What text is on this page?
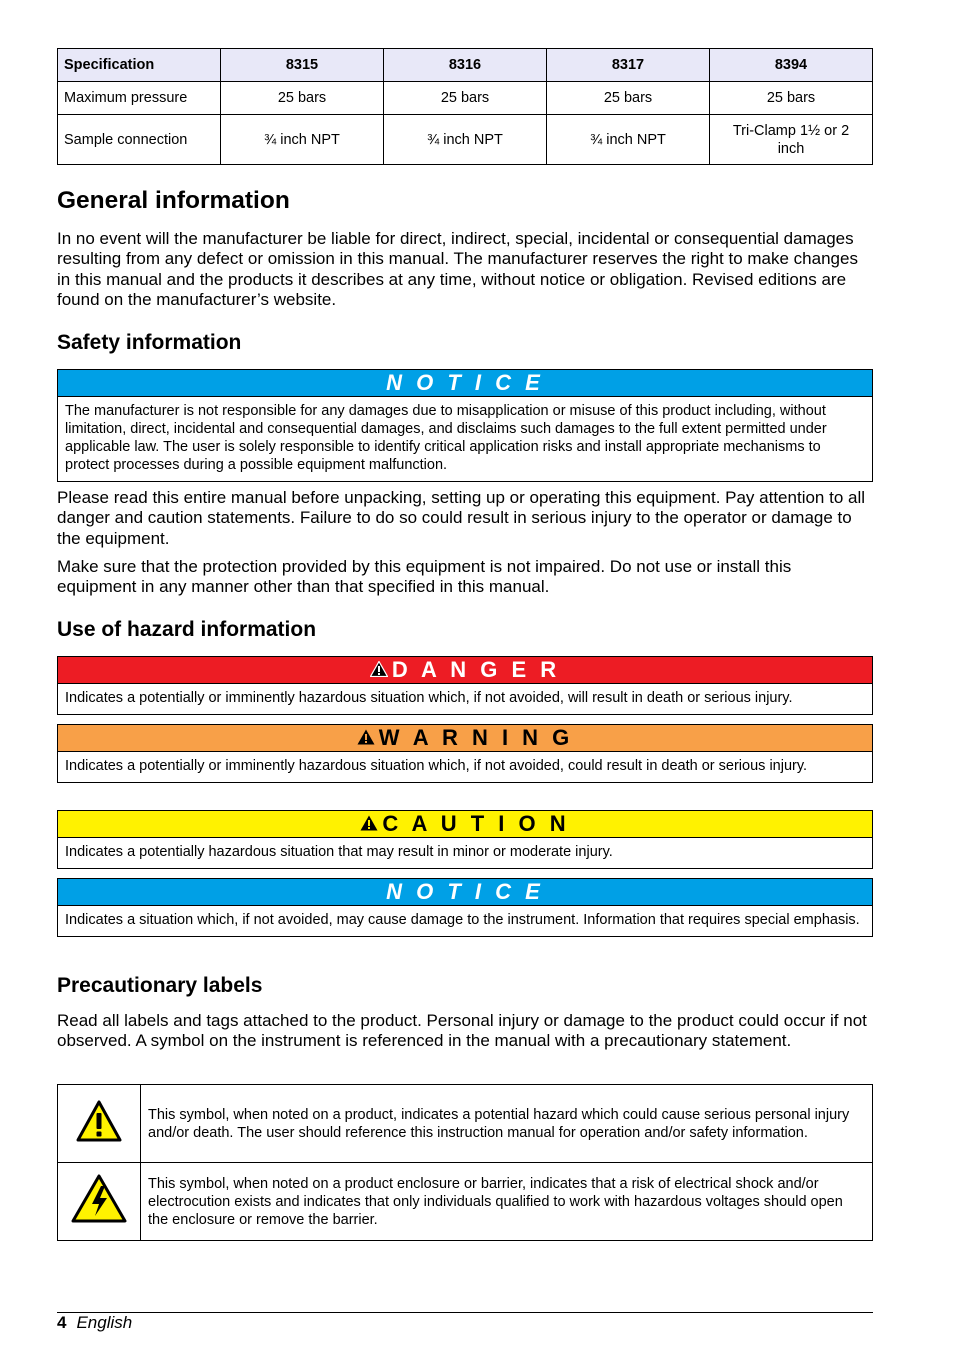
Specification	8315	8316	8317	8394
Maximum pressure	25 bars	25 bars	25 bars	25 bars
Sample connection	¾ inch NPT	¾ inch NPT	¾ inch NPT	Tri-Clamp 1½ or 2 inch
General information

In no event will the manufacturer be liable for direct, indirect, special, incidental or consequential damages resulting from any defect or omission in this manual. The manufacturer reserves the right to make changes in this manual and the products it describes at any time, without notice or obligation. Revised editions are found on the manufacturer’s website.

Safety information
N O T I C E
The manufacturer is not responsible for any damages due to misapplication or misuse of this product including, without limitation, direct, incidental and consequential damages, and disclaims such damages to the full extent permitted under applicable law. The user is solely responsible to identify critical application risks and install appropriate mechanisms to protect processes during a possible equipment malfunction.

Please read this entire manual before unpacking, setting up or operating this equipment. Pay attention to all danger and caution statements. Failure to do so could result in serious injury to the operator or damage to the equipment.

Make sure that the protection provided by this equipment is not impaired. Do not use or install this equipment in any manner other than that specified in this manual.

Use of hazard information
D A N G E R
Indicates a potentially or imminently hazardous situation which, if not avoided, will result in death or serious injury.
W A R N I N G
Indicates a potentially or imminently hazardous situation which, if not avoided, could result in death or serious injury.
C A U T I O N
Indicates a potentially hazardous situation that may result in minor or moderate injury.
N O T I C E
Indicates a situation which, if not avoided, may cause damage to the instrument. Information that requires special emphasis.
Precautionary labels

Read all labels and tags attached to the product. Personal injury or damage to the product could occur if not observed. A symbol on the instrument is referenced in the manual with a precautionary statement.

	This symbol, when noted on a product, indicates a potential hazard which could cause serious personal injury and/or death. The user should reference this instruction manual for operation and/or safety information.
	This symbol, when noted on a product enclosure or barrier, indicates that a risk of electrical shock and/or electrocution exists and indicates that only individuals qualified to work with hazardous voltages should open the enclosure or remove the barrier.
4 English
